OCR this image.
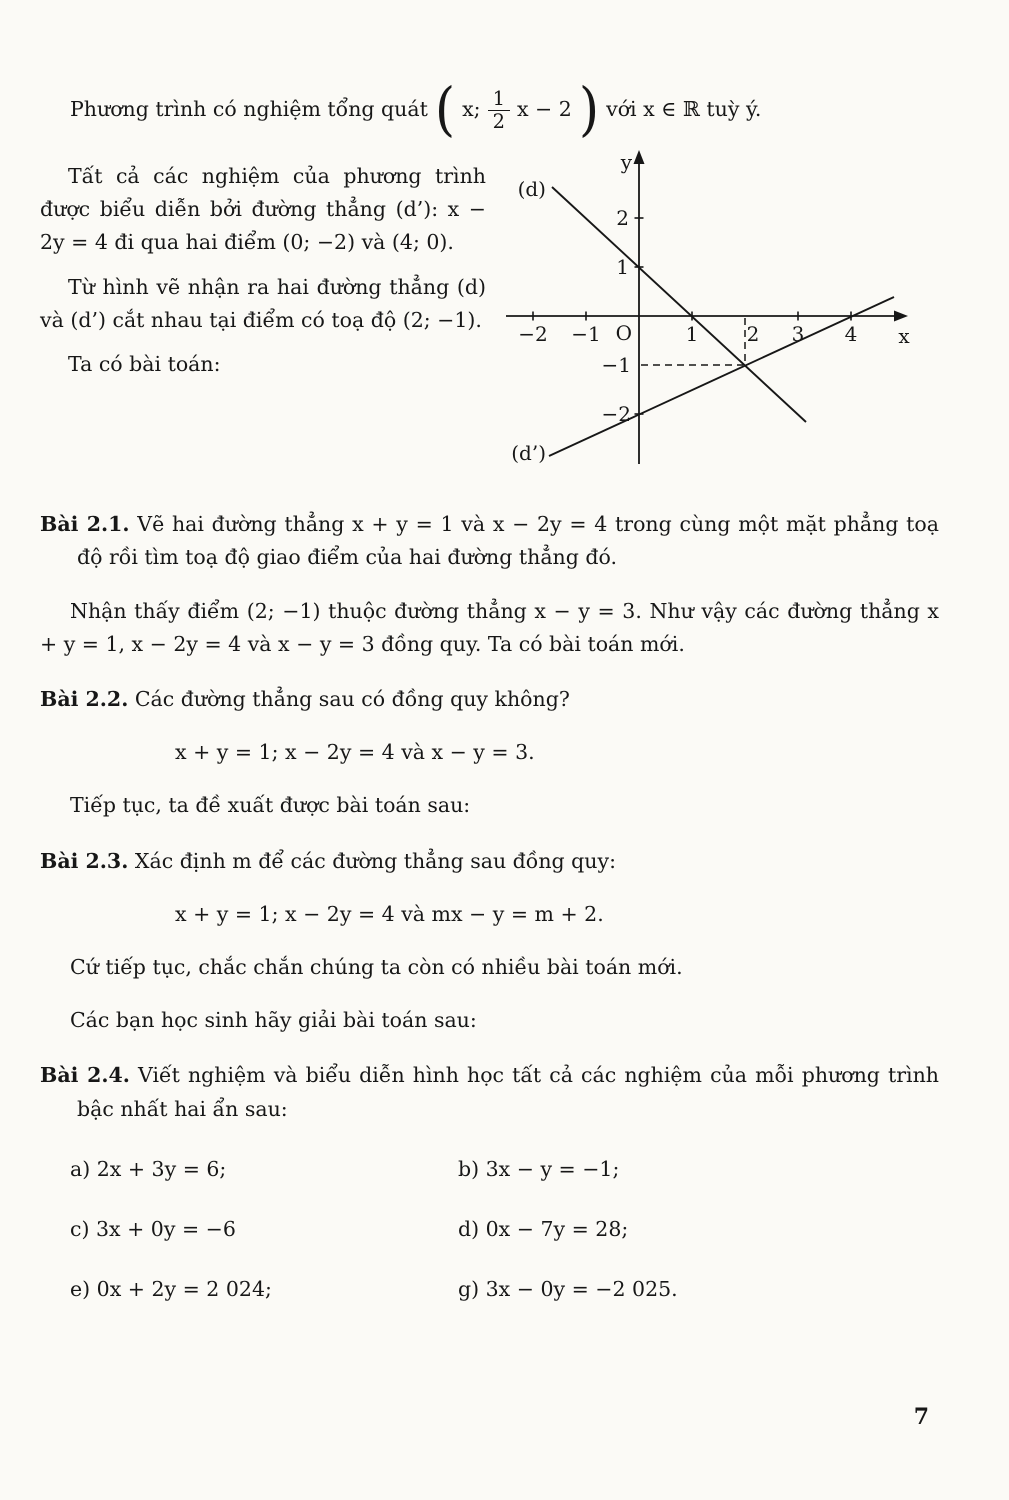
Phương trình có nghiệm tổng quát ( x; $\frac{1}{2}$ x − 2 ) với x ∈ ℝ tuỳ ý.

Tất cả các nghiệm của phương trình được biểu diễn bởi đường thẳng (d’): x − 2y = 4 đi qua hai điểm (0; −2) và (4; 0).

Từ hình vẽ nhận ra hai đường thẳng (d) và (d’) cắt nhau tại điểm có toạ độ (2; −1).

Ta có bài toán:

y
x
O
−2 −1	1 2 3 4
2
1
−1
−2
(d)
(d’)

Bài 2.1. Vẽ hai đường thẳng x + y = 1 và x − 2y = 4 trong cùng một mặt phẳng toạ độ rồi tìm toạ độ giao điểm của hai đường thẳng đó.

Nhận thấy điểm (2; −1) thuộc đường thẳng x − y = 3. Như vậy các đường thẳng x + y = 1, x − 2y = 4 và x − y = 3 đồng quy. Ta có bài toán mới.

Bài 2.2. Các đường thẳng sau có đồng quy không?

x + y = 1; x − 2y = 4 và x − y = 3.

Tiếp tục, ta đề xuất được bài toán sau:

Bài 2.3. Xác định m để các đường thẳng sau đồng quy:

x + y = 1; x − 2y = 4 và mx − y = m + 2.

Cứ tiếp tục, chắc chắn chúng ta còn có nhiều bài toán mới.

Các bạn học sinh hãy giải bài toán sau:

Bài 2.4. Viết nghiệm và biểu diễn hình học tất cả các nghiệm của mỗi phương trình bậc nhất hai ẩn sau:

a) 2x + 3y = 6;	b) 3x − y = −1;
c) 3x + 0y = −6	d) 0x − 7y = 28;
e) 0x + 2y = 2 024;	g) 3x − 0y = −2 025.
7
